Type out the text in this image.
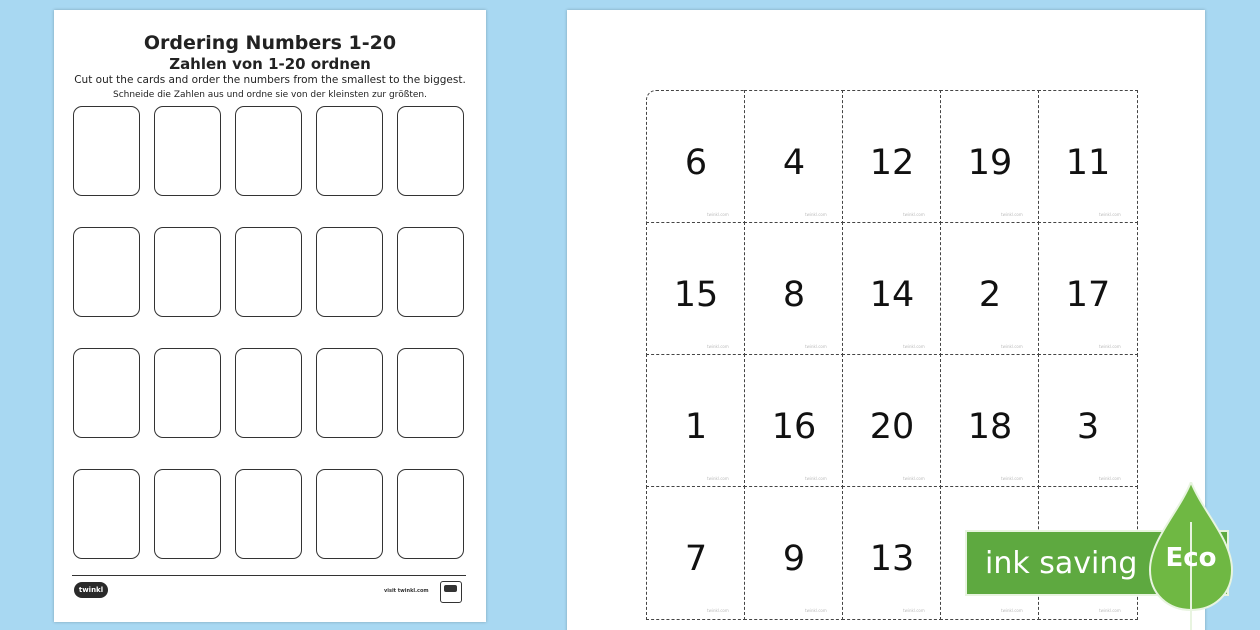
Ordering Numbers 1-20
Zahlen von 1-20 ordnen
Cut out the cards and order the numbers from the smallest to the biggest.
Schneide die Zahlen aus und ordne sie von der kleinsten zur größten.
twinkl	visit twinkl.com
6
twinkl.com
4
twinkl.com
12
twinkl.com
19
twinkl.com
11
twinkl.com
15
twinkl.com
8
twinkl.com
14
twinkl.com
2
twinkl.com
17
twinkl.com
1
twinkl.com
16
twinkl.com
20
twinkl.com
18
twinkl.com
3
twinkl.com
7
twinkl.com
9
twinkl.com
13
twinkl.com	twinkl.com	twinkl.com
ink saving	Eco
